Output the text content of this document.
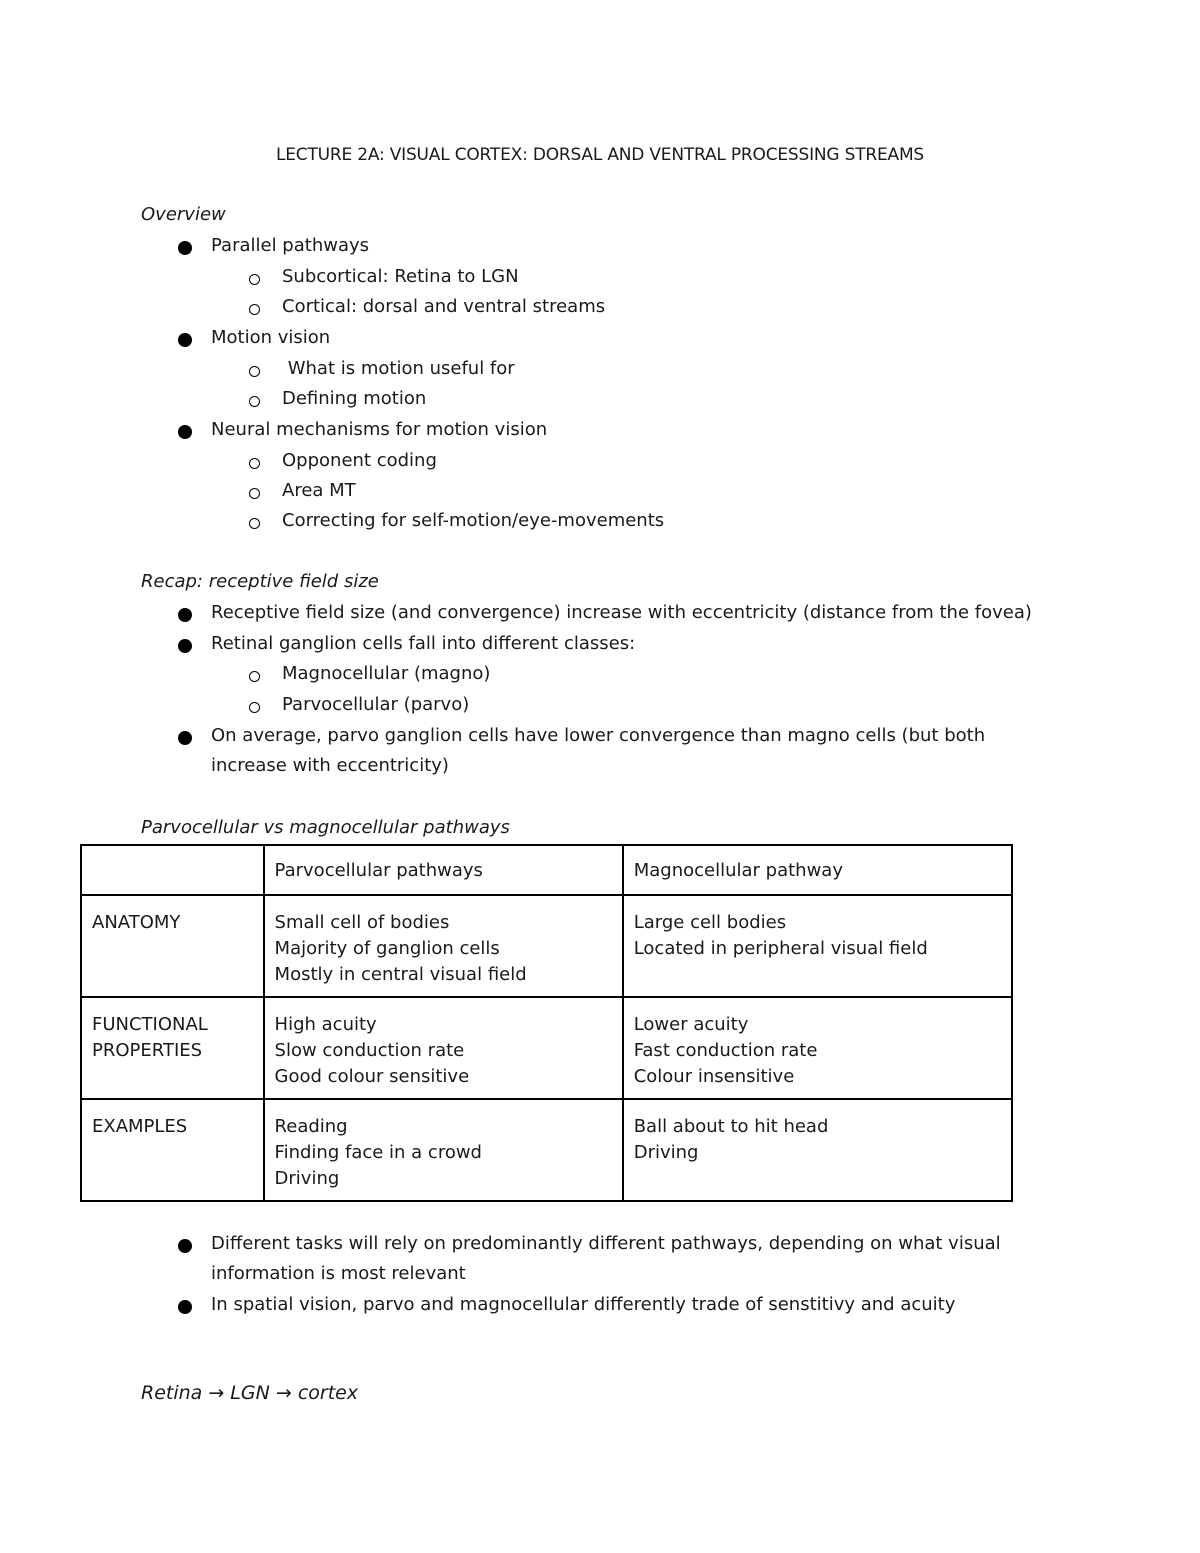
LECTURE 2A: VISUAL CORTEX: DORSAL AND VENTRAL PROCESSING STREAMS
Overview
Parallel pathways
Subcortical: Retina to LGN
Cortical: dorsal and ventral streams
Motion vision
What is motion useful for
Defining motion
Neural mechanisms for motion vision
Opponent coding
Area MT
Correcting for self-motion/eye-movements
Recap: receptive field size
Receptive field size (and convergence) increase with eccentricity (distance from the fovea)
Retinal ganglion cells fall into different classes:
Magnocellular (magno)
Parvocellular (parvo)
On average, parvo ganglion cells have lower convergence than magno cells (but both
increase with eccentricity)
Parvocellular vs magnocellular pathways
	Parvocellular pathways	Magnocellular pathway

ANATOMY	Small cell of bodies
Majority of ganglion cells
Mostly in central visual field	Large cell bodies
Located in peripheral visual field

FUNCTIONAL
PROPERTIES	High acuity
Slow conduction rate
Good colour sensitive	Lower acuity
Fast conduction rate
Colour insensitive

EXAMPLES	Reading
Finding face in a crowd
Driving	Ball about to hit head
Driving
Different tasks will rely on predominantly different pathways, depending on what visual
information is most relevant
In spatial vision, parvo and magnocellular differently trade of senstitivy and acuity
Retina → LGN → cortex
